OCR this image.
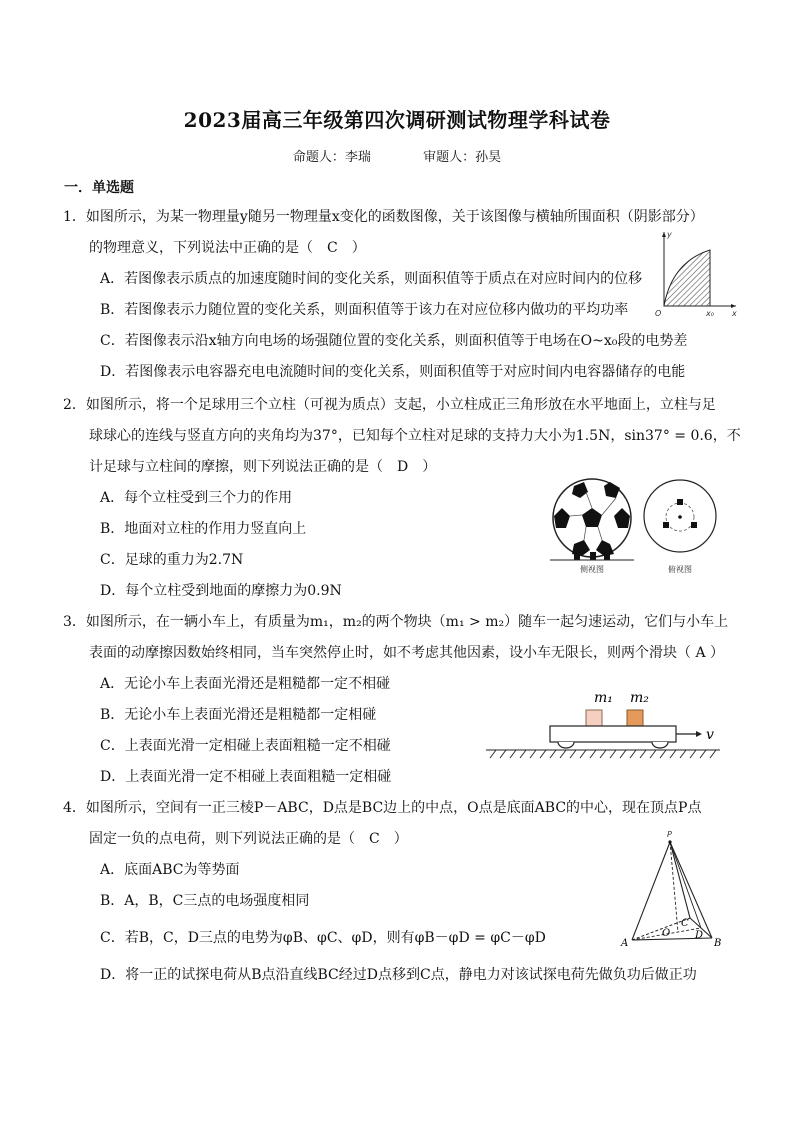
2023届高三年级第四次调研测试物理学科试卷
命题人：李瑞	审题人：孙昊
一．单选题
1．如图所示，为某一物理量y随另一物理量x变化的函数图像，关于该图像与横轴所围面积（阴影部分）
的物理意义，下列说法中正确的是（　C　）
A．若图像表示质点的加速度随时间的变化关系，则面积值等于质点在对应时间内的位移
B．若图像表示力随位置的变化关系，则面积值等于该力在对应位移内做功的平均功率
C．若图像表示沿x轴方向电场的场强随位置的变化关系，则面积值等于电场在O~x₀段的电势差
D．若图像表示电容器充电电流随时间的变化关系，则面积值等于对应时间内电容器储存的电能
y
x
O	x₀
2．如图所示，将一个足球用三个立柱（可视为质点）支起，小立柱成正三角形放在水平地面上，立柱与足
球球心的连线与竖直方向的夹角均为37°，已知每个立柱对足球的支持力大小为1.5N，sin37° = 0.6，不
计足球与立柱间的摩擦，则下列说法正确的是（　D　）
A．每个立柱受到三个力的作用
B．地面对立柱的作用力竖直向上
C．足球的重力为2.7N
D．每个立柱受到地面的摩擦力为0.9N
侧视图	俯视图
3．如图所示，在一辆小车上，有质量为m₁，m₂的两个物块（m₁ > m₂）随车一起匀速运动，它们与小车上
表面的动摩擦因数始终相同，当车突然停止时，如不考虑其他因素，设小车无限长，则两个滑块（ A ）
A．无论小车上表面光滑还是粗糙都一定不相碰
B．无论小车上表面光滑还是粗糙都一定相碰
C．上表面光滑一定相碰上表面粗糙一定不相碰
D．上表面光滑一定不相碰上表面粗糙一定相碰
m₁ m₂
v
4．如图所示，空间有一正三棱P－ABC，D点是BC边上的中点，O点是底面ABC的中心，现在顶点P点
固定一负的点电荷，则下列说法正确的是（　C　）
A．底面ABC为等势面
B．A，B，C三点的电场强度相同
C．若B，C，D三点的电势为φB、φC、φD，则有φB－φD = φC－φD
D．将一正的试探电荷从B点沿直线BC经过D点移到C点，静电力对该试探电荷先做负功后做正功
P
A	B
C
D
O
